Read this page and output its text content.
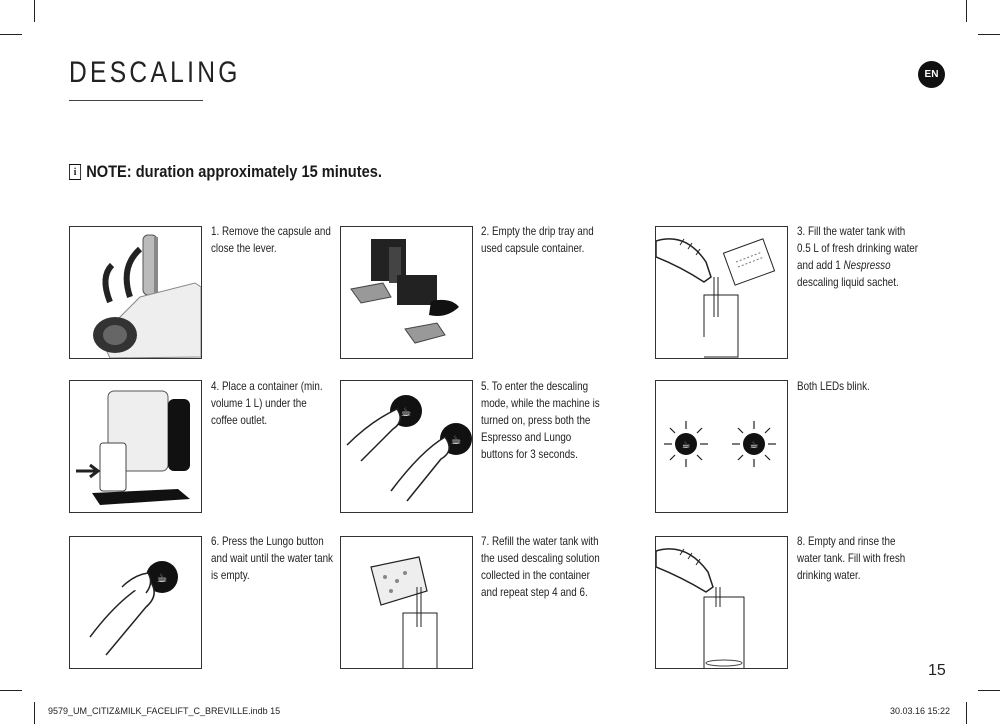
DESCALING	EN
i NOTE: duration approximately 15 minutes.
1. Remove the capsule and close the lever.
2. Empty the drip tray and used capsule container.
3. Fill the water tank with 0.5 L of fresh drinking water and add 1 Nespresso descaling liquid sachet.
4. Place a container (min. volume 1 L) under the coffee outlet.
☕
☕
5. To enter the descaling mode, while the machine is turned on, press both the Espresso and Lungo buttons for 3 seconds.
☕	☕
Both LEDs blink.
☕
6. Press the Lungo button and wait until the water tank is empty.
7. Refill the water tank with the used descaling solution collected in the container and repeat step 4 and 6.
8. Empty and rinse the water tank. Fill with fresh drinking water.
15
9579_UM_CITIZ&MILK_FACELIFT_C_BREVILLE.indb 15	30.03.16 15:22
